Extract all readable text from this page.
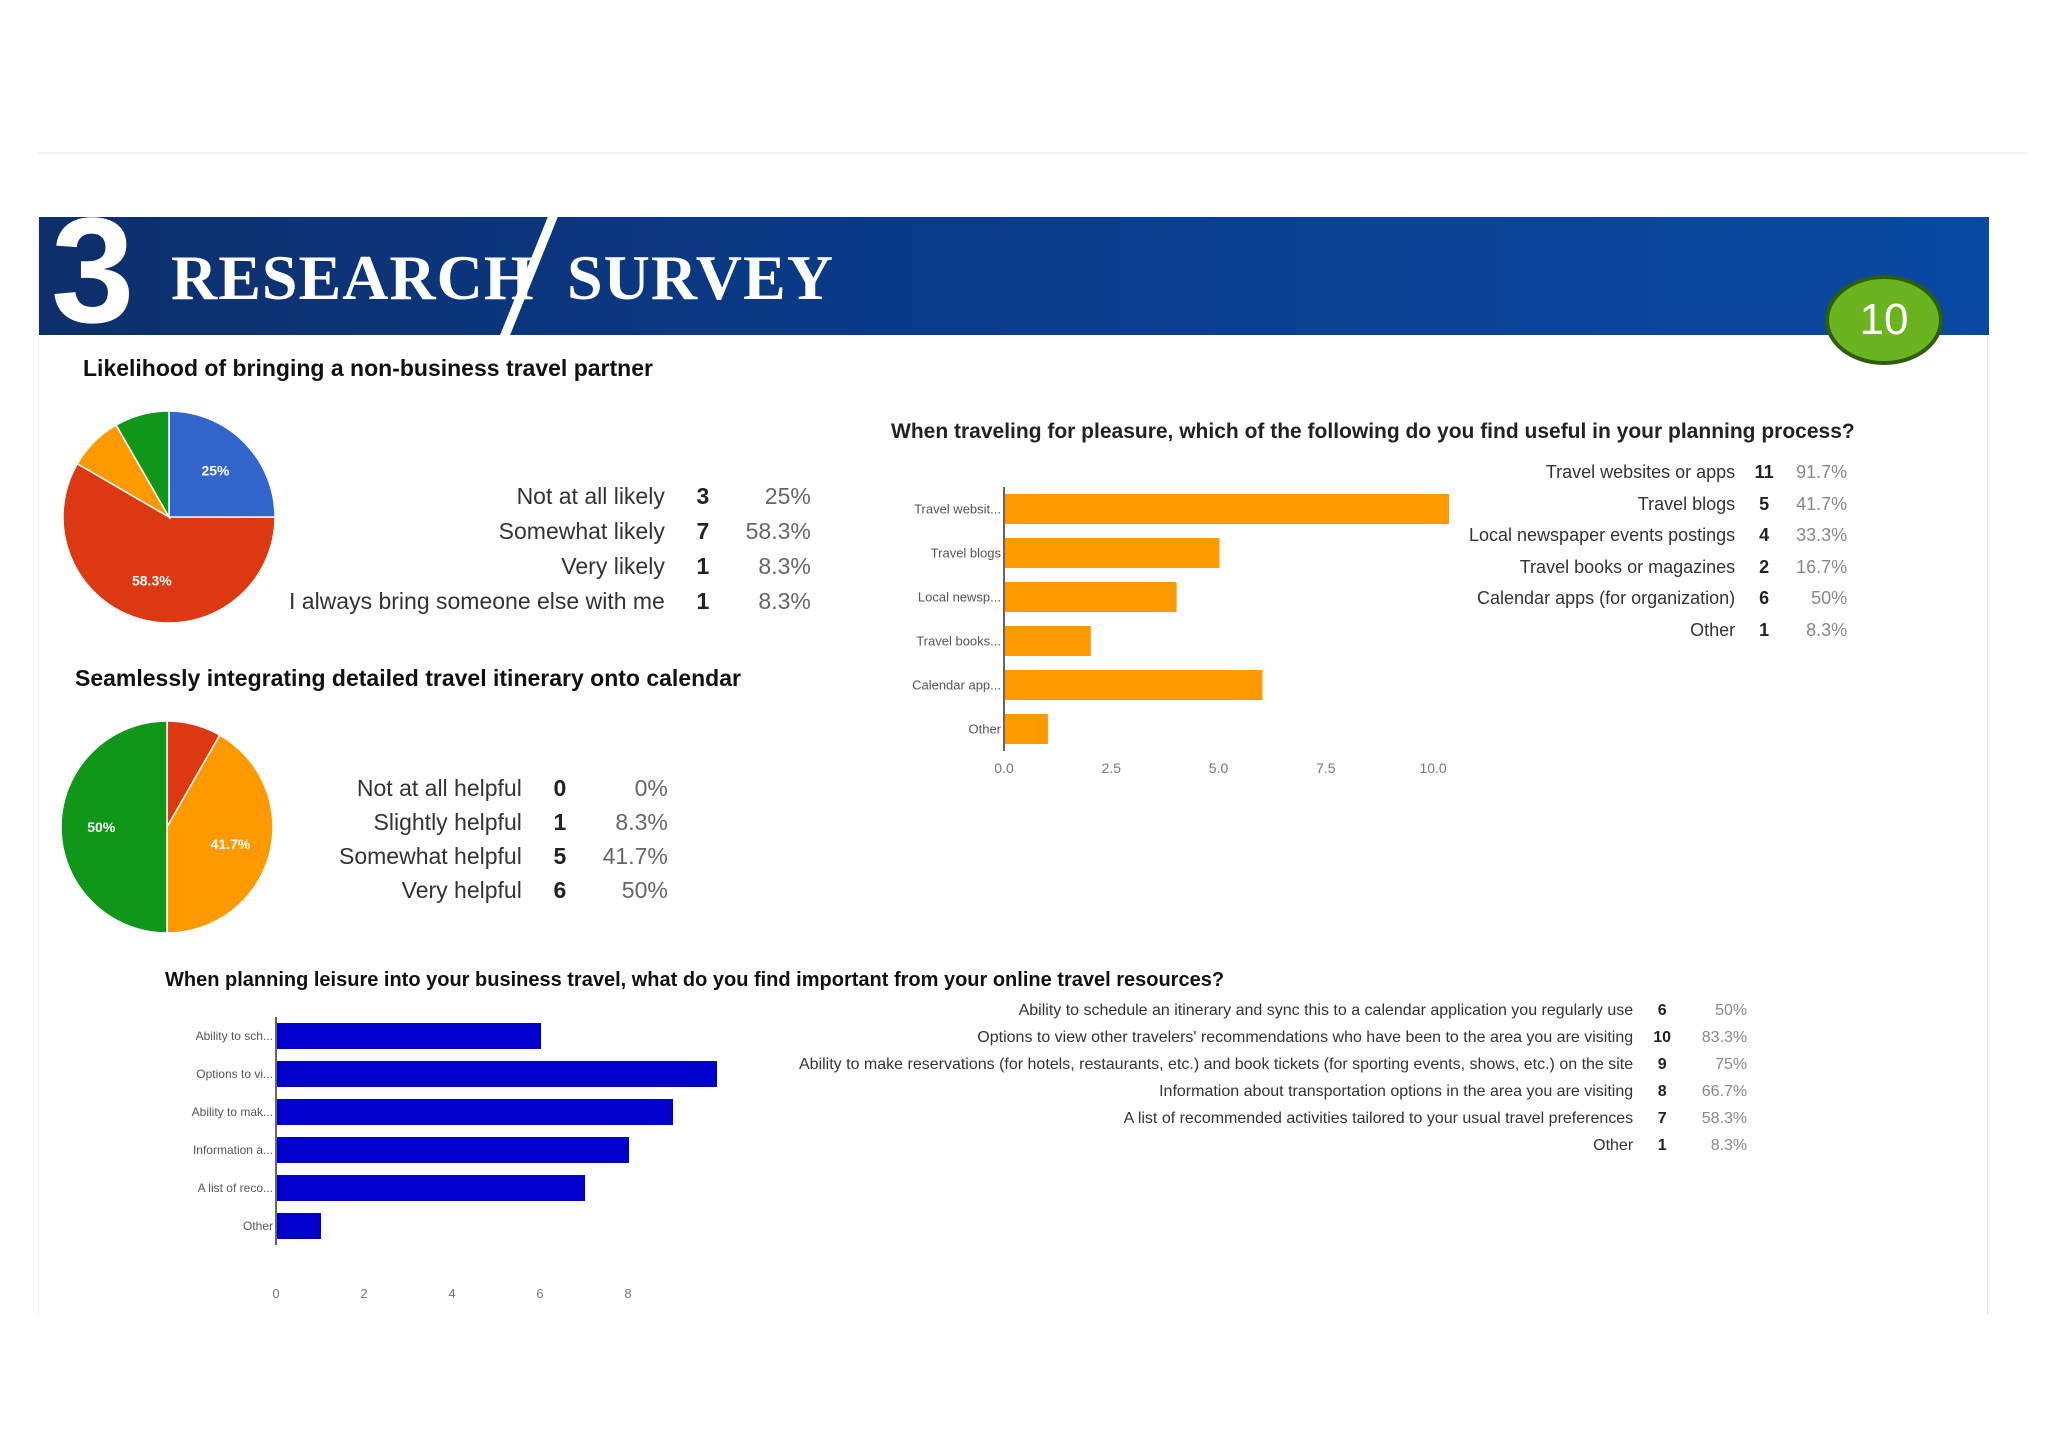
3 RESEARCH SURVEY
10
Likelihood of bringing a non-business travel partner
25%
58.3%
Not at all likely	3	25%
Somewhat likely	7	58.3%
Very likely	1	8.3%
I always bring someone else with me	1	8.3%
Seamlessly integrating detailed travel itinerary onto calendar
41.7%
50%
Not at all helpful	0	0%
Slightly helpful	1	8.3%
Somewhat helpful	5	41.7%
Very helpful	6	50%
When traveling for pleasure, which of the following do you find useful in your planning process?
Travel websit...
Travel blogs
Local newsp...
Travel books...
Calendar app...
Other
0.0	2.5	5.0	7.5	10.0
Travel websites or apps	11	91.7%
Travel blogs	5	41.7%
Local newspaper events postings	4	33.3%
Travel books or magazines	2	16.7%
Calendar apps (for organization)	6	50%
Other	1	8.3%
When planning leisure into your business travel, what do you find important from your online travel resources?
Ability to sch...
Options to vi...
Ability to mak...
Information a...
A list of reco...
Other
0	2	4	6	8
Ability to schedule an itinerary and sync this to a calendar application you regularly use	6	50%
Options to view other travelers' recommendations who have been to the area you are visiting	10	83.3%
Ability to make reservations (for hotels, restaurants, etc.) and book tickets (for sporting events, shows, etc.) on the site	9	75%
Information about transportation options in the area you are visiting	8	66.7%
A list of recommended activities tailored to your usual travel preferences	7	58.3%
Other	1	8.3%
